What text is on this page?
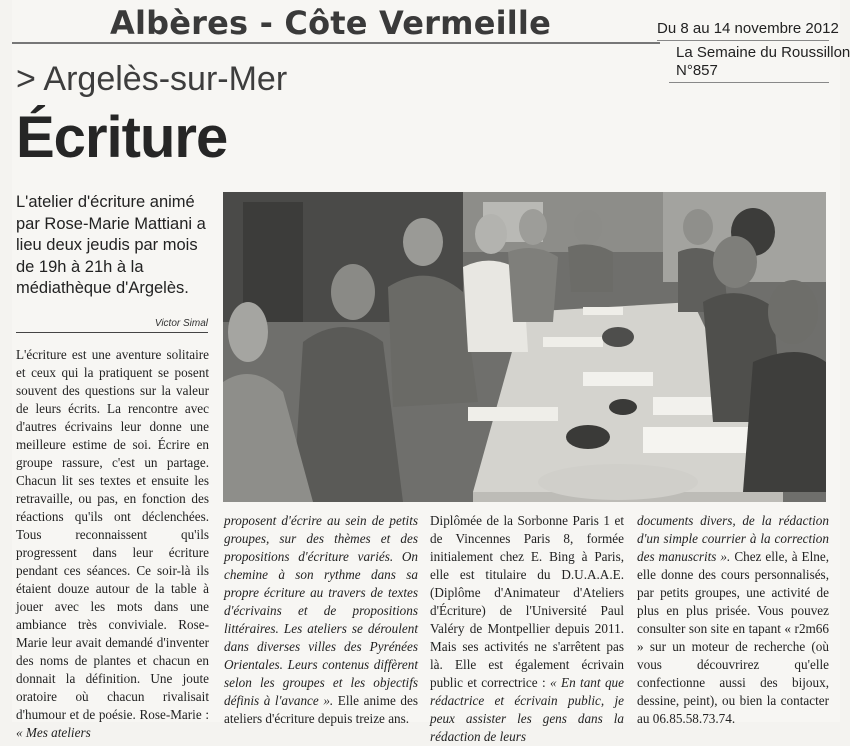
Albères - Côte Vermeille	Du 8 au 14 novembre 2012
La Semaine du Roussillon
N°857
> Argelès-sur-Mer
Écriture
L'atelier d'écriture animé par Rose-Marie Mattiani a lieu deux jeudis par mois de 19h à 21h à la médiathèque d'Argelès.
Victor Simal

L'écriture est une aventure solitaire et ceux qui la pratiquent se posent souvent des questions sur la valeur de leurs écrits. La rencontre avec d'autres écrivains leur donne une meilleure estime de soi. Écrire en groupe rassure, c'est un partage. Chacun lit ses textes et ensuite les retravaille, ou pas, en fonction des réactions qu'ils ont déclenchées. Tous reconnaissent qu'ils progressent dans leur écriture pendant ces séances. Ce soir-là ils étaient douze autour de la table à jouer avec les mots dans une ambiance très conviviale. Rose-Marie leur avait demandé d'inventer des noms de plantes et chacun en donnait la définition. Une joute oratoire où chacun rivalisait d'humour et de poésie. Rose-Marie : « Mes ateliers

proposent d'écrire au sein de petits groupes, sur des thèmes et des propositions d'écriture variés. On chemine à son rythme dans sa propre écriture au travers de textes d'écrivains et de propositions littéraires. Les ateliers se déroulent dans diverses villes des Pyrénées Orientales. Leurs contenus diffèrent selon les groupes et les objectifs définis à l'avance ». Elle anime des ateliers d'écriture depuis treize ans.

Diplômée de la Sorbonne Paris 1 et de Vincennes Paris 8, formée initialement chez E. Bing à Paris, elle est titulaire du D.U.A.A.E. (Diplôme d'Animateur d'Ateliers d'Écriture) de l'Université Paul Valéry de Montpellier depuis 2011. Mais ses activités ne s'arrêtent pas là. Elle est également écrivain public et correctrice : « En tant que rédactrice et écrivain public, je peux assister les gens dans la rédaction de leurs

documents divers, de la rédaction d'un simple courrier à la correction des manuscrits ». Chez elle, à Elne, elle donne des cours personnalisés, par petits groupes, une activité de plus en plus prisée. Vous pouvez consulter son site en tapant « r2m66 » sur un moteur de recherche (où vous découvrirez qu'elle confectionne aussi des bijoux, dessine, peint), ou bien la contacter au 06.85.58.73.74.
